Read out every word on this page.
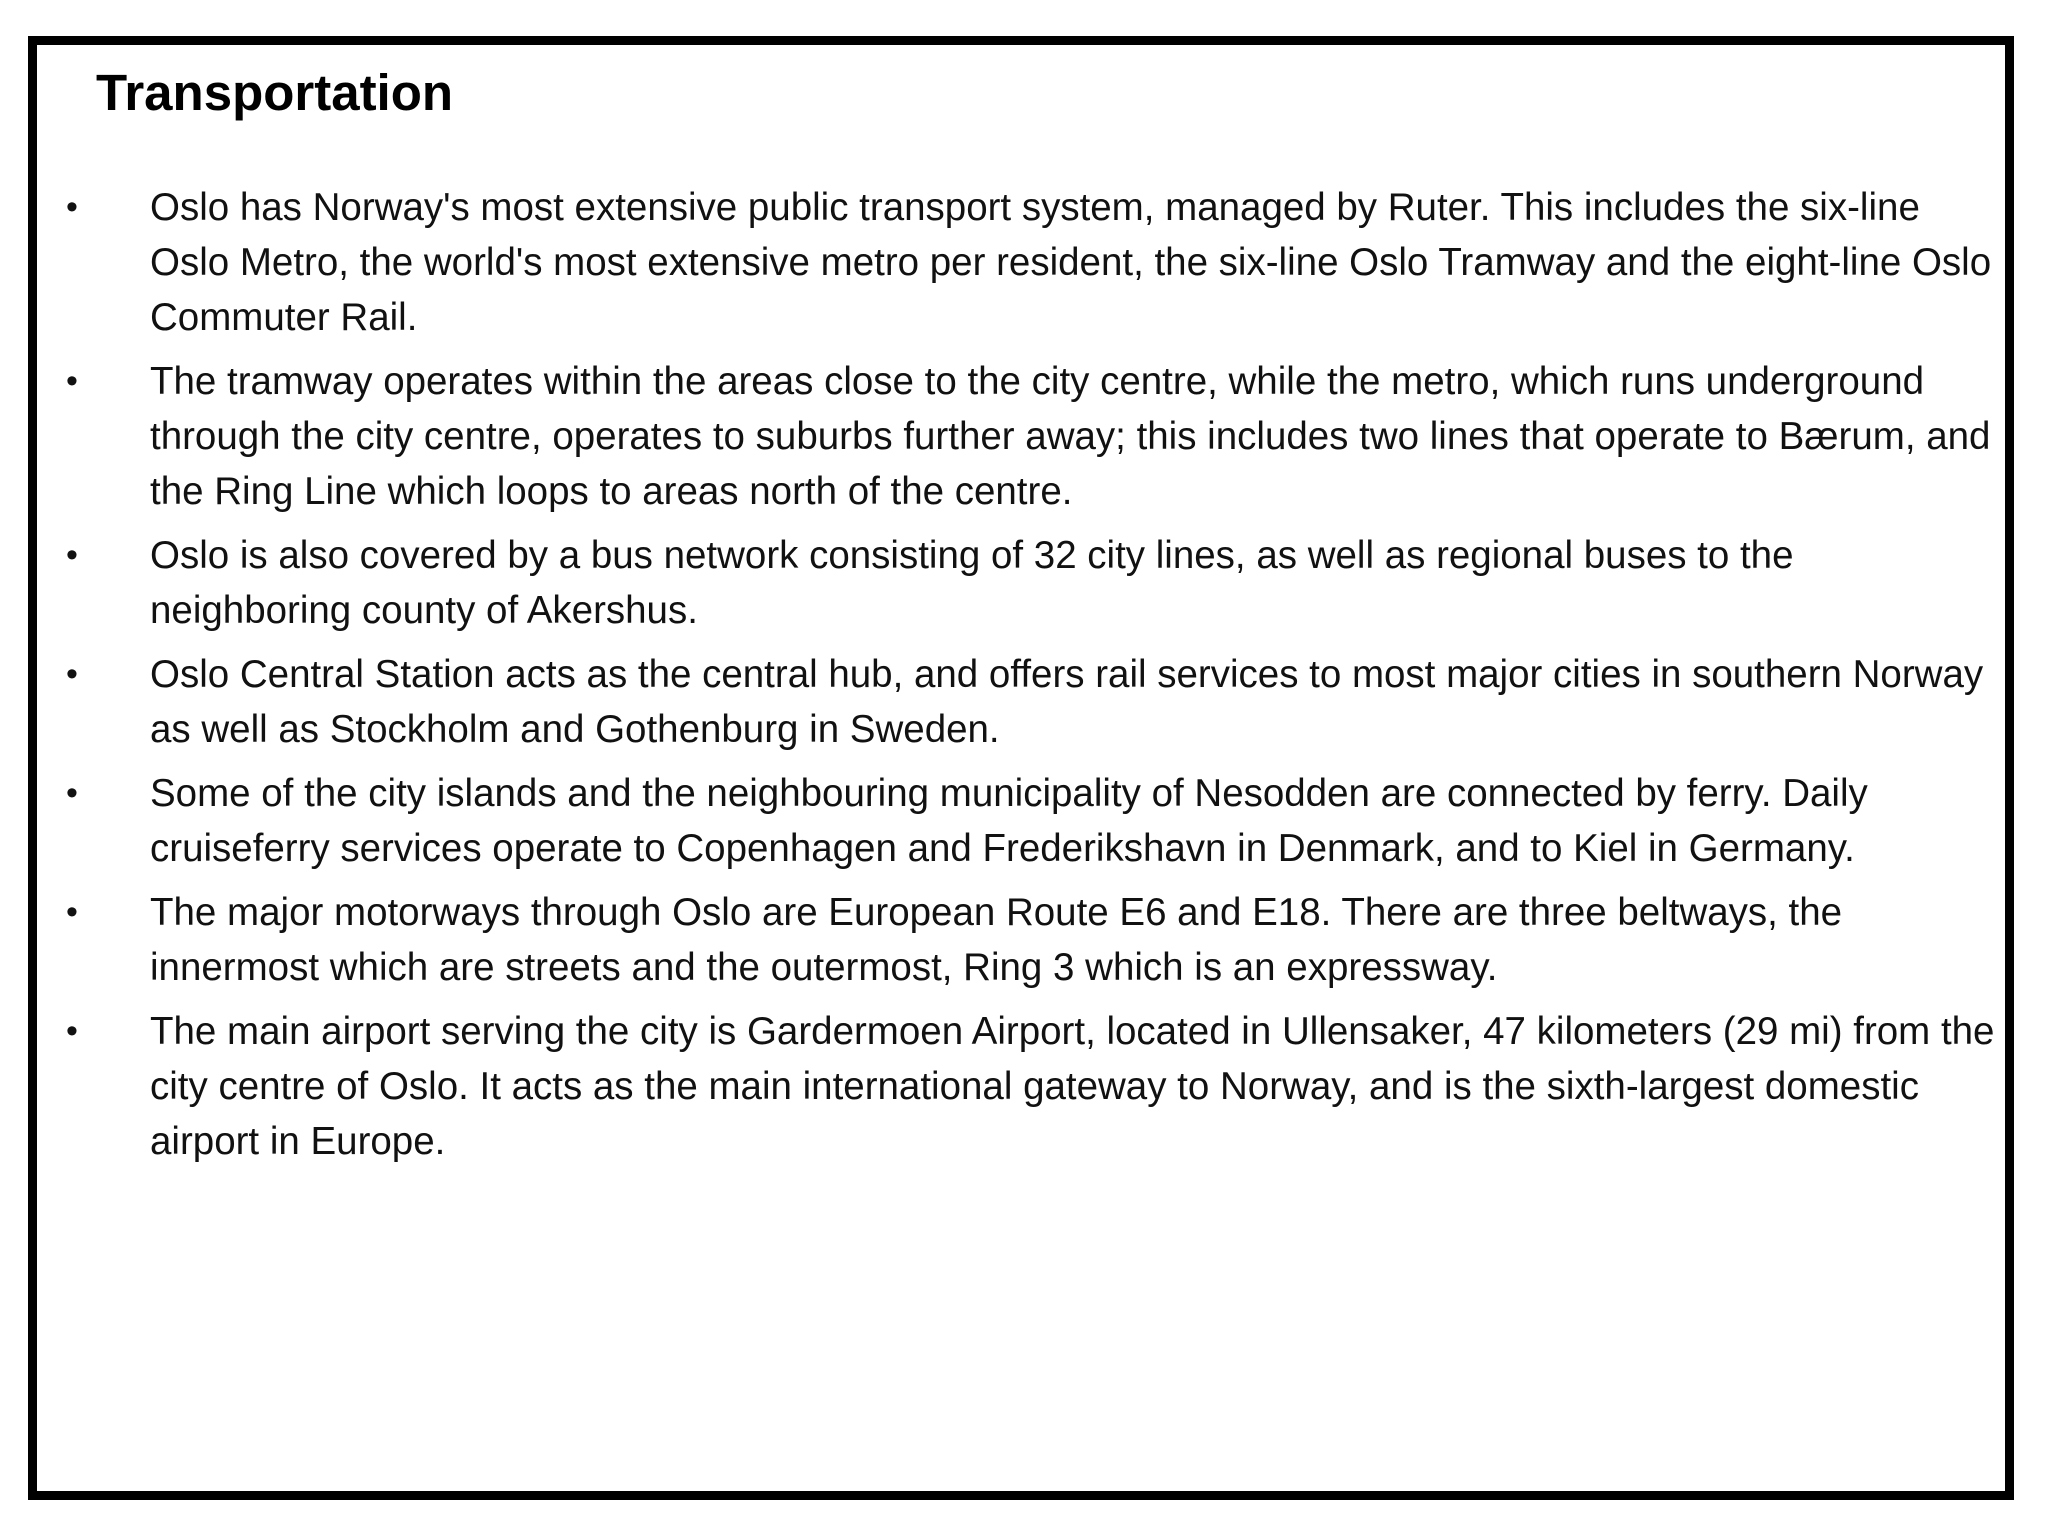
Transportation
• Oslo has Norway's most extensive public transport system, managed by Ruter. This includes the six-line Oslo Metro, the world's most extensive metro per resident, the six-line Oslo Tramway and the eight-line Oslo Commuter Rail.
• The tramway operates within the areas close to the city centre, while the metro, which runs underground through the city centre, operates to suburbs further away; this includes two lines that operate to Bærum, and the Ring Line which loops to areas north of the centre.
• Oslo is also covered by a bus network consisting of 32 city lines, as well as regional buses to the neighboring county of Akershus.
• Oslo Central Station acts as the central hub, and offers rail services to most major cities in southern Norway as well as Stockholm and Gothenburg in Sweden.
• Some of the city islands and the neighbouring municipality of Nesodden are connected by ferry. Daily cruiseferry services operate to Copenhagen and Frederikshavn in Denmark, and to Kiel in Germany.
• The major motorways through Oslo are European Route E6 and E18. There are three beltways, the innermost which are streets and the outermost, Ring 3 which is an expressway.
• The main airport serving the city is Gardermoen Airport, located in Ullensaker, 47 kilometers (29 mi) from the city centre of Oslo. It acts as the main international gateway to Norway, and is the sixth-largest domestic airport in Europe.
